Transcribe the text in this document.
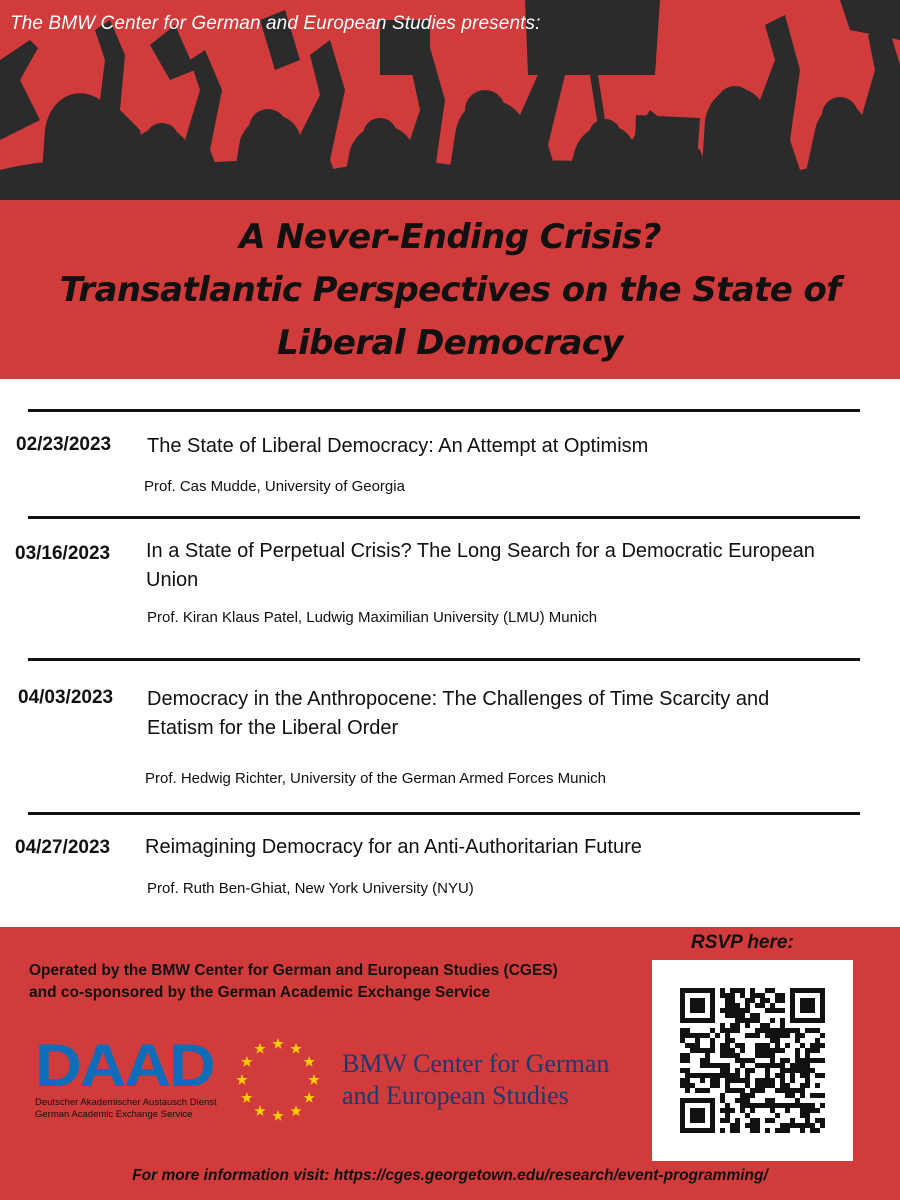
The BMW Center for German and European Studies presents:
A Never-Ending Crisis?
Transatlantic Perspectives on the State of
Liberal Democracy
02/23/2023 The State of Liberal Democracy: An Attempt at Optimism
Prof. Cas Mudde, University of Georgia
03/16/2023 In a State of Perpetual Crisis? The Long Search for a Democratic European
Union
Prof. Kiran Klaus Patel, Ludwig Maximilian University (LMU) Munich
04/03/2023 Democracy in the Anthropocene: The Challenges of Time Scarcity and
Etatism for the Liberal Order
Prof. Hedwig Richter, University of the German Armed Forces Munich
04/27/2023 Reimagining Democracy for an Anti-Authoritarian Future
Prof. Ruth Ben-Ghiat, New York University (NYU)
Operated by the BMW Center for German and European Studies (CGES)
and co-sponsored by the German Academic Exchange Service
RSVP here:
DAAD
Deutscher Akademischer Austausch Dienst
German Academic Exchange Service
BMW Center for German
and European Studies
For more information visit: https://cges.georgetown.edu/research/event-programming/
